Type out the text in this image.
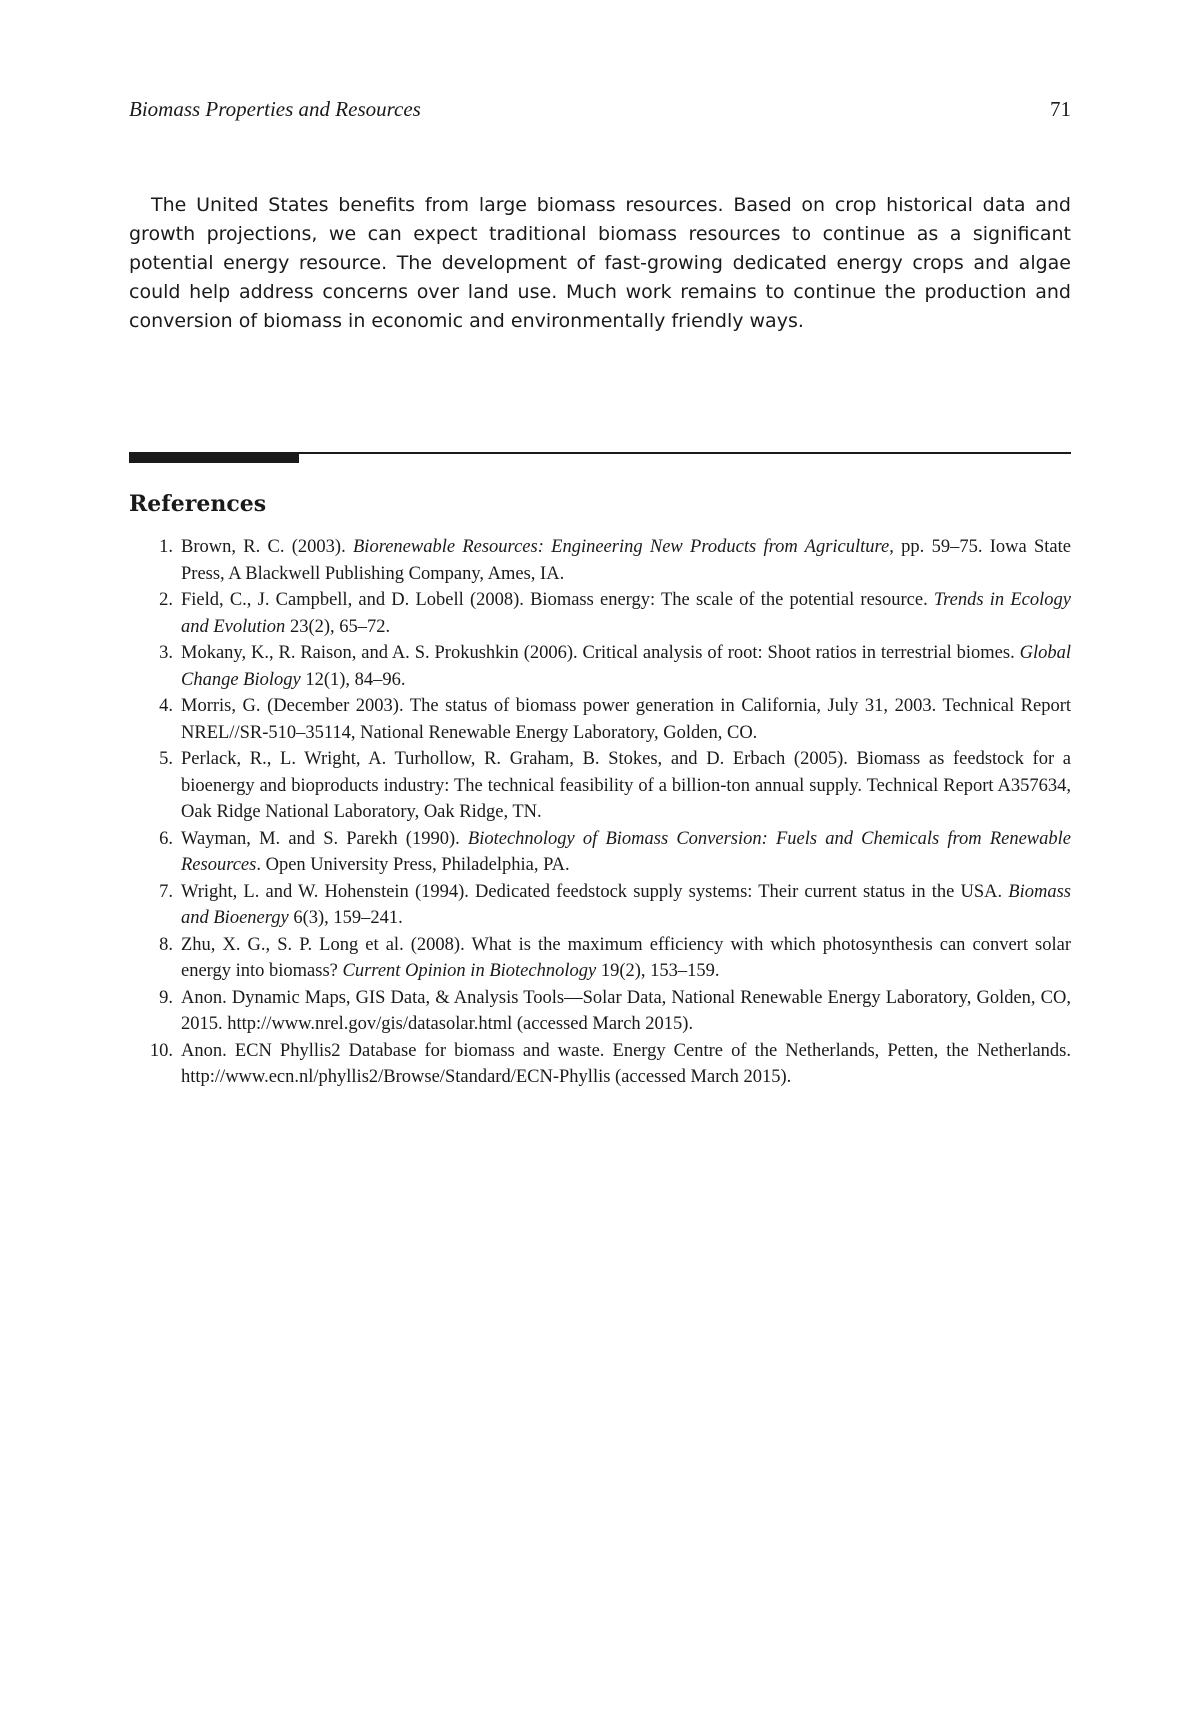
Biomass Properties and Resources	71

The United States benefits from large biomass resources. Based on crop historical data and growth projections, we can expect traditional biomass resources to continue as a significant potential energy resource. The development of fast-growing dedicated energy crops and algae could help address concerns over land use. Much work remains to continue the production and conversion of biomass in economic and environmentally friendly ways.

References
1. Brown, R. C. (2003). Biorenewable Resources: Engineering New Products from Agriculture, pp. 59–75. Iowa State Press, A Blackwell Publishing Company, Ames, IA.
2. Field, C., J. Campbell, and D. Lobell (2008). Biomass energy: The scale of the potential resource. Trends in Ecology and Evolution 23(2), 65–72.
3. Mokany, K., R. Raison, and A. S. Prokushkin (2006). Critical analysis of root: Shoot ratios in terrestrial biomes. Global Change Biology 12(1), 84–96.
4. Morris, G. (December 2003). The status of biomass power generation in California, July 31, 2003. Technical Report NREL//SR-510–35114, National Renewable Energy Laboratory, Golden, CO.
5. Perlack, R., L. Wright, A. Turhollow, R. Graham, B. Stokes, and D. Erbach (2005). Biomass as feedstock for a bioenergy and bioproducts industry: The technical feasibility of a billion-ton annual supply. Technical Report A357634, Oak Ridge National Laboratory, Oak Ridge, TN.
6. Wayman, M. and S. Parekh (1990). Biotechnology of Biomass Conversion: Fuels and Chemicals from Renewable Resources. Open University Press, Philadelphia, PA.
7. Wright, L. and W. Hohenstein (1994). Dedicated feedstock supply systems: Their current status in the USA. Biomass and Bioenergy 6(3), 159–241.
8. Zhu, X. G., S. P. Long et al. (2008). What is the maximum efficiency with which photosynthesis can convert solar energy into biomass? Current Opinion in Biotechnology 19(2), 153–159.
9. Anon. Dynamic Maps, GIS Data, & Analysis Tools—Solar Data, National Renewable Energy Laboratory, Golden, CO, 2015. http://www.nrel.gov/gis/datasolar.html (accessed March 2015).
10. Anon. ECN Phyllis2 Database for biomass and waste. Energy Centre of the Netherlands, Petten, the Netherlands. http://www.ecn.nl/phyllis2/Browse/Standard/ECN-Phyllis (accessed March 2015).
